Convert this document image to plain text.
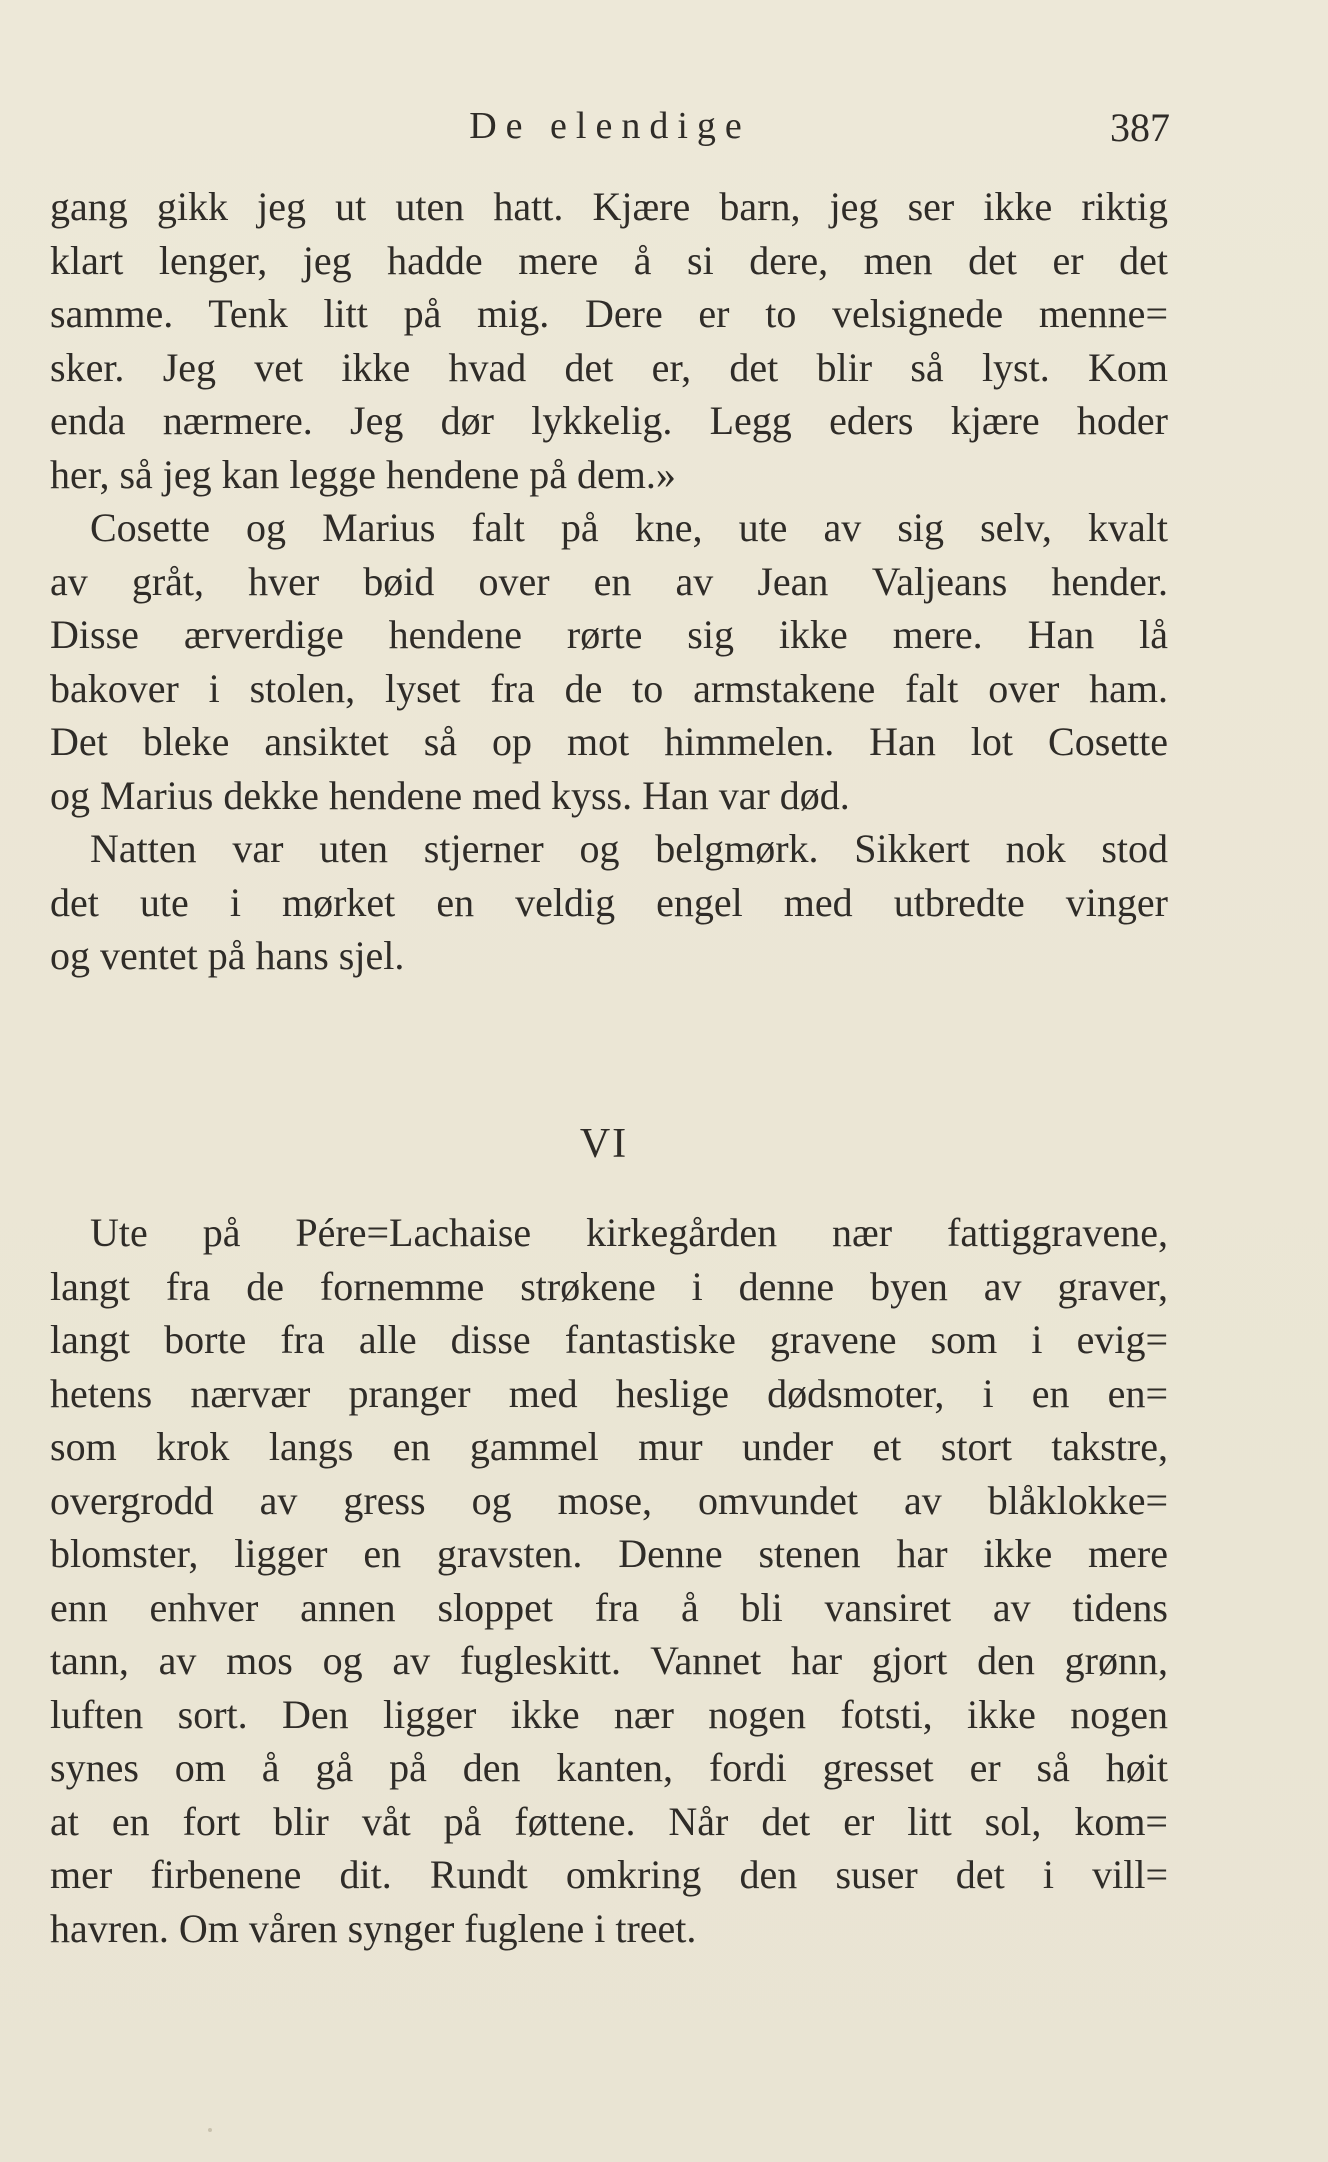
De elendige	387
gang gikk jeg ut uten hatt. Kjære barn, jeg ser ikke riktig
klart lenger, jeg hadde mere å si dere, men det er det
samme. Tenk litt på mig. Dere er to velsignede menne=
sker. Jeg vet ikke hvad det er, det blir så lyst. Kom
enda nærmere. Jeg dør lykkelig. Legg eders kjære hoder
her, så jeg kan legge hendene på dem.»
Cosette og Marius falt på kne, ute av sig selv, kvalt
av gråt, hver bøid over en av Jean Valjeans hender.
Disse ærverdige hendene rørte sig ikke mere. Han lå
bakover i stolen, lyset fra de to armstakene falt over ham.
Det bleke ansiktet så op mot himmelen. Han lot Cosette
og Marius dekke hendene med kyss. Han var død.
Natten var uten stjerner og belgmørk. Sikkert nok stod
det ute i mørket en veldig engel med utbredte vinger
og ventet på hans sjel.
VI
Ute på Pére=Lachaise kirkegården nær fattiggravene,
langt fra de fornemme strøkene i denne byen av graver,
langt borte fra alle disse fantastiske gravene som i evig=
hetens nærvær pranger med heslige dødsmoter, i en en=
som krok langs en gammel mur under et stort takstre,
overgrodd av gress og mose, omvundet av blåklokke=
blomster, ligger en gravsten. Denne stenen har ikke mere
enn enhver annen sloppet fra å bli vansiret av tidens
tann, av mos og av fugleskitt. Vannet har gjort den grønn,
luften sort. Den ligger ikke nær nogen fotsti, ikke nogen
synes om å gå på den kanten, fordi gresset er så høit
at en fort blir våt på føttene. Når det er litt sol, kom=
mer firbenene dit. Rundt omkring den suser det i vill=
havren. Om våren synger fuglene i treet.
